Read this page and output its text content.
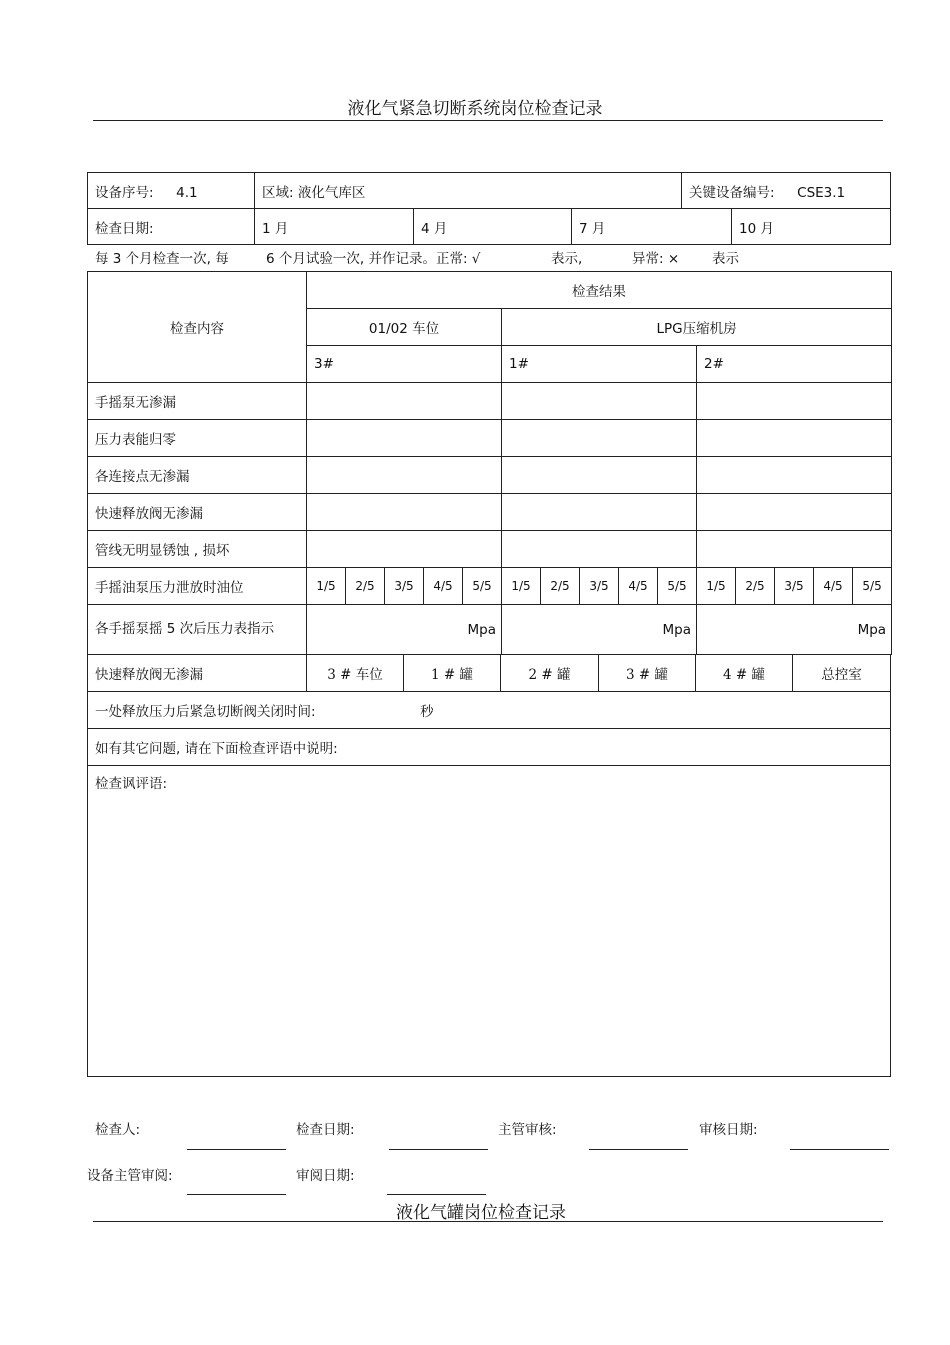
液化气紧急切断系统岗位检查记录
设备序号: 4.1	区域: 液化气库区			关键设备编号: CSE3.1	
检查日期:	1 月	4 月	7 月		10 月
每 3 个月检查一次, 每	6 个月试验一次, 并作记录。正常: √	表示,	异常: × 表示
检查内容	检查结果														
	01/02 车位					LPG压缩机房									
	3#					1#					2#				
手摇泵无渗漏															
压力表能归零															
各连接点无渗漏															
快速释放阀无渗漏															
管线无明显锈蚀 , 损坏															
手摇油泵压力泄放时油位	1/5	2/5	3/5	4/5	5/5	1/5	2/5	3/5	4/5	5/5	1/5	2/5	3/5	4/5	5/5
各手摇泵摇 5 次后压力表指示	Mpa					Mpa					Mpa				
快速释放阀无渗漏	3 # 车位	1 # 罐	2 # 罐	3 # 罐	4 # 罐	总控室
一处释放压力后紧急切断阀关闭时间:	秒
如有其它问题, 请在下面检查评语中说明:
检查讽评语:
检查人:	检查日期:	主管审核:	审核日期:
设备主管审阅:	审阅日期:
液化气罐岗位检查记录
